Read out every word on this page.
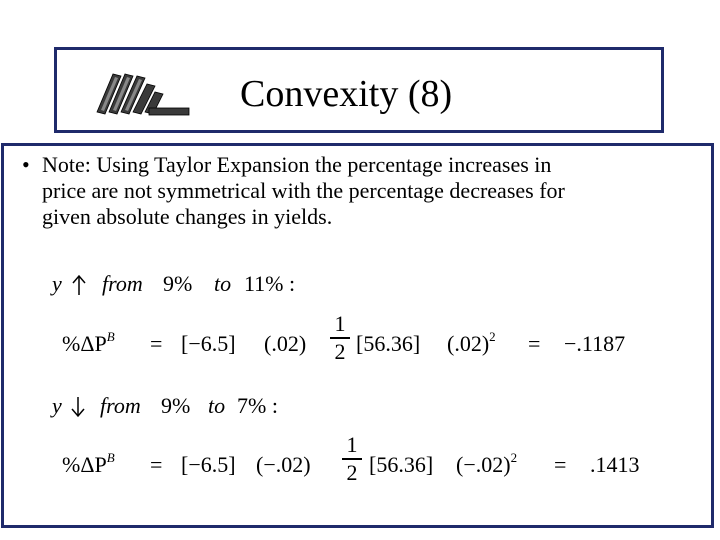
Convexity (8)
• Note: Using Taylor Expansion the percentage increases in
price are not symmetrical with the percentage decreases for
given absolute changes in yields.
y from 9% to 11% :
$\%\Delta P^B = [-6.5]$ (.02)
1
2 [56.36] $(.02)^2 = -.1187$
y from 9% to 7% :
$\%\Delta P^B = [-6.5]$ (−.02)
1
2 [56.36] $(-.02)^2 = .1413$
